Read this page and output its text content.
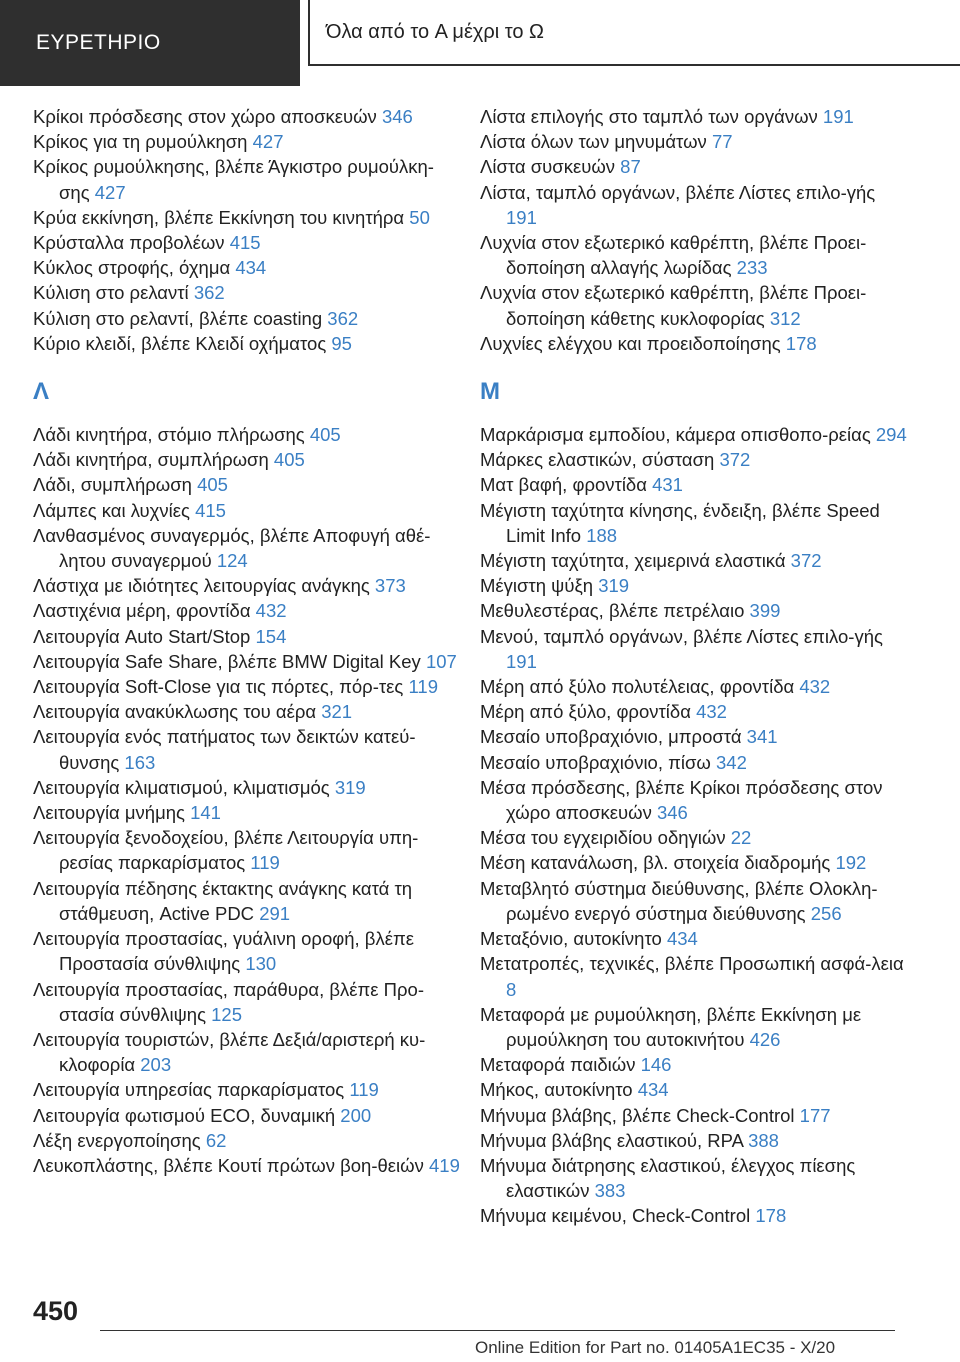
ΕΥΡΕΤΗΡΙΟ	Όλα από το A μέχρι το Ω

Κρίκοι πρόσδεσης στον χώρο αποσκευών 346

Κρίκος για τη ρυμούλκηση 427

Κρίκος ρυμούλκησης, βλέπε Άγκιστρο ρυμούλκη-σης 427

Κρύα εκκίνηση, βλέπε Εκκίνηση του κινητήρα 50

Κρύσταλλα προβολέων 415

Κύκλος στροφής, όχημα 434

Κύλιση στο ρελαντί 362

Κύλιση στο ρελαντί, βλέπε coasting 362

Κύριο κλειδί, βλέπε Κλειδί οχήματος 95

Λ

Λάδι κινητήρα, στόμιο πλήρωσης 405

Λάδι κινητήρα, συμπλήρωση 405

Λάδι, συμπλήρωση 405

Λάμπες και λυχνίες 415

Λανθασμένος συναγερμός, βλέπε Αποφυγή αθέ-λητου συναγερμού 124

Λάστιχα με ιδιότητες λειτουργίας ανάγκης 373

Λαστιχένια μέρη, φροντίδα 432

Λειτουργία Auto Start/Stop 154

Λειτουργία Safe Share, βλέπε BMW Digital Key 107

Λειτουργία Soft-Close για τις πόρτες, πόρ-τες 119

Λειτουργία ανακύκλωσης του αέρα 321

Λειτουργία ενός πατήματος των δεικτών κατεύ-θυνσης 163

Λειτουργία κλιματισμού, κλιματισμός 319

Λειτουργία μνήμης 141

Λειτουργία ξενοδοχείου, βλέπε Λειτουργία υπη-ρεσίας παρκαρίσματος 119

Λειτουργία πέδησης έκτακτης ανάγκης κατά τη στάθμευση, Active PDC 291

Λειτουργία προστασίας, γυάλινη οροφή, βλέπε Προστασία σύνθλιψης 130

Λειτουργία προστασίας, παράθυρα, βλέπε Προ-στασία σύνθλιψης 125

Λειτουργία τουριστών, βλέπε Δεξιά/αριστερή κυ-κλοφορία 203

Λειτουργία υπηρεσίας παρκαρίσματος 119

Λειτουργία φωτισμού ECO, δυναμική 200

Λέξη ενεργοποίησης 62

Λευκοπλάστης, βλέπε Κουτί πρώτων βοη-θειών 419

Λίστα επιλογής στο ταμπλό των οργάνων 191

Λίστα όλων των μηνυμάτων 77

Λίστα συσκευών 87

Λίστα, ταμπλό οργάνων, βλέπε Λίστες επιλο-γής 191

Λυχνία στον εξωτερικό καθρέπτη, βλέπε Προει-δοποίηση αλλαγής λωρίδας 233

Λυχνία στον εξωτερικό καθρέπτη, βλέπε Προει-δοποίηση κάθετης κυκλοφορίας 312

Λυχνίες ελέγχου και προειδοποίησης 178

Μ

Μαρκάρισμα εμποδίου, κάμερα οπισθοπο-ρείας 294

Μάρκες ελαστικών, σύσταση 372

Ματ βαφή, φροντίδα 431

Μέγιστη ταχύτητα κίνησης, ένδειξη, βλέπε Speed Limit Info 188

Μέγιστη ταχύτητα, χειμερινά ελαστικά 372

Μέγιστη ψύξη 319

Μεθυλεστέρας, βλέπε πετρέλαιο 399

Μενού, ταμπλό οργάνων, βλέπε Λίστες επιλο-γής 191

Μέρη από ξύλο πολυτέλειας, φροντίδα 432

Μέρη από ξύλο, φροντίδα 432

Μεσαίο υποβραχιόνιο, μπροστά 341

Μεσαίο υποβραχιόνιο, πίσω 342

Μέσα πρόσδεσης, βλέπε Κρίκοι πρόσδεσης στον χώρο αποσκευών 346

Μέσα του εγχειριδίου οδηγιών 22

Μέση κατανάλωση, βλ. στοιχεία διαδρομής 192

Μεταβλητό σύστημα διεύθυνσης, βλέπε Ολοκλη-ρωμένο ενεργό σύστημα διεύθυνσης 256

Μεταξόνιο, αυτοκίνητο 434

Μετατροπές, τεχνικές, βλέπε Προσωπική ασφά-λεια 8

Μεταφορά με ρυμούλκηση, βλέπε Εκκίνηση με ρυμούλκηση του αυτοκινήτου 426

Μεταφορά παιδιών 146

Μήκος, αυτοκίνητο 434

Μήνυμα βλάβης, βλέπε Check-Control 177

Μήνυμα βλάβης ελαστικού, RPA 388

Μήνυμα διάτρησης ελαστικού, έλεγχος πίεσης ελαστικών 383

Μήνυμα κειμένου, Check-Control 178

450
Online Edition for Part no. 01405A1EC35 - X/20
